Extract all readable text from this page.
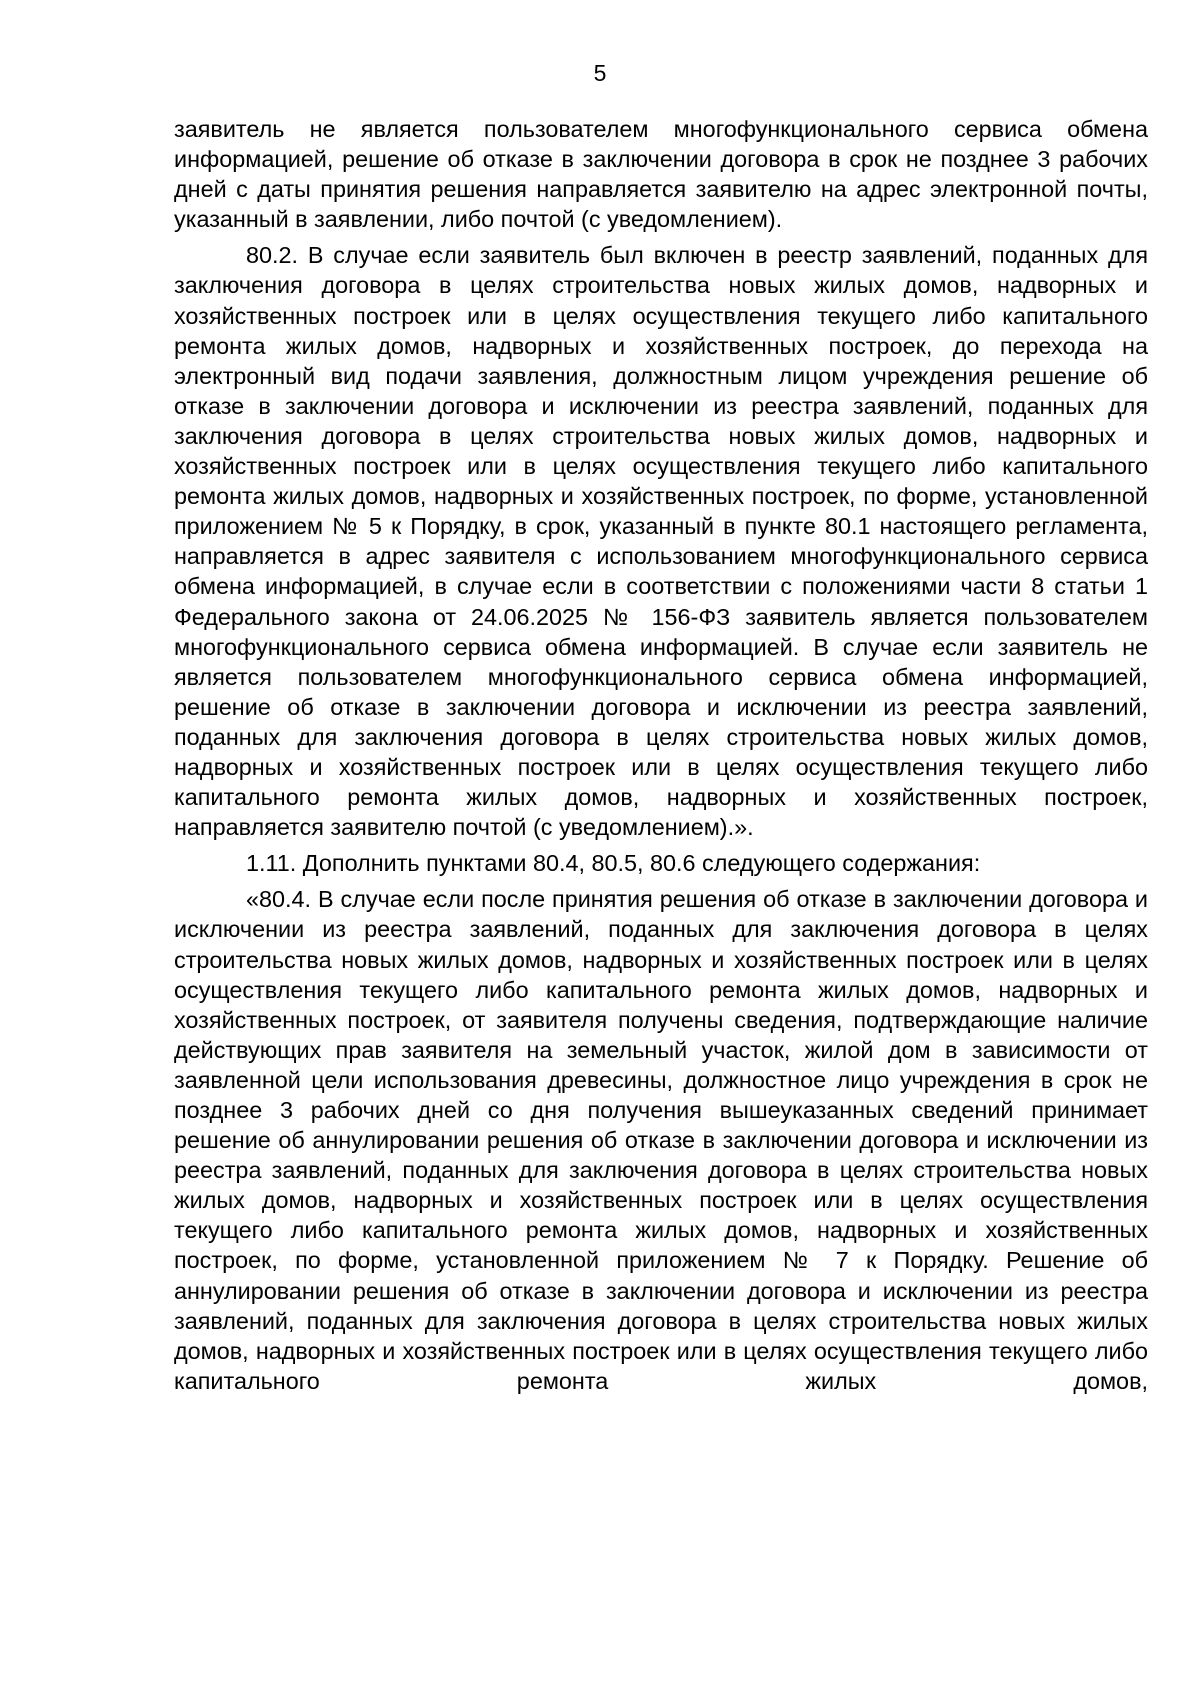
5

заявитель не является пользователем многофункционального сервиса обмена информацией, решение об отказе в заключении договора в срок не позднее 3 рабочих дней с даты принятия решения направляется заявителю на адрес электронной почты, указанный в заявлении, либо почтой (с уведомлением).

80.2. В случае если заявитель был включен в реестр заявлений, поданных для заключения договора в целях строительства новых жилых домов, надворных и хозяйственных построек или в целях осуществления текущего либо капитального ремонта жилых домов, надворных и хозяйственных построек, до перехода на электронный вид подачи заявления, должностным лицом учреждения решение об отказе в заключении договора и исключении из реестра заявлений, поданных для заключения договора в целях строительства новых жилых домов, надворных и хозяйственных построек или в целях осуществления текущего либо капитального ремонта жилых домов, надворных и хозяйственных построек, по форме, установленной приложением № 5 к Порядку, в срок, указанный в пункте 80.1 настоящего регламента, направляется в адрес заявителя с использованием многофункционального сервиса обмена информацией, в случае если в соответствии с положениями части 8 статьи 1 Федерального закона от 24.06.2025 № 156-ФЗ заявитель является пользователем многофункционального сервиса обмена информацией. В случае если заявитель не является пользователем многофункционального сервиса обмена информацией, решение об отказе в заключении договора и исключении из реестра заявлений, поданных для заключения договора в целях строительства новых жилых домов, надворных и хозяйственных построек или в целях осуществления текущего либо капитального ремонта жилых домов, надворных и хозяйственных построек, направляется заявителю почтой (с уведомлением).».

1.11. Дополнить пунктами 80.4, 80.5, 80.6 следующего содержания:

«80.4. В случае если после принятия решения об отказе в заключении договора и исключении из реестра заявлений, поданных для заключения договора в целях строительства новых жилых домов, надворных и хозяйственных построек или в целях осуществления текущего либо капитального ремонта жилых домов, надворных и хозяйственных построек, от заявителя получены сведения, подтверждающие наличие действующих прав заявителя на земельный участок, жилой дом в зависимости от заявленной цели использования древесины, должностное лицо учреждения в срок не позднее 3 рабочих дней со дня получения вышеуказанных сведений принимает решение об аннулировании решения об отказе в заключении договора и исключении из реестра заявлений, поданных для заключения договора в целях строительства новых жилых домов, надворных и хозяйственных построек или в целях осуществления текущего либо капитального ремонта жилых домов, надворных и хозяйственных построек, по форме, установленной приложением № 7 к Порядку. Решение об аннулировании решения об отказе в заключении договора и исключении из реестра заявлений, поданных для заключения договора в целях строительства новых жилых домов, надворных и хозяйственных построек или в целях осуществления текущего либо капитального ремонта жилых домов,
